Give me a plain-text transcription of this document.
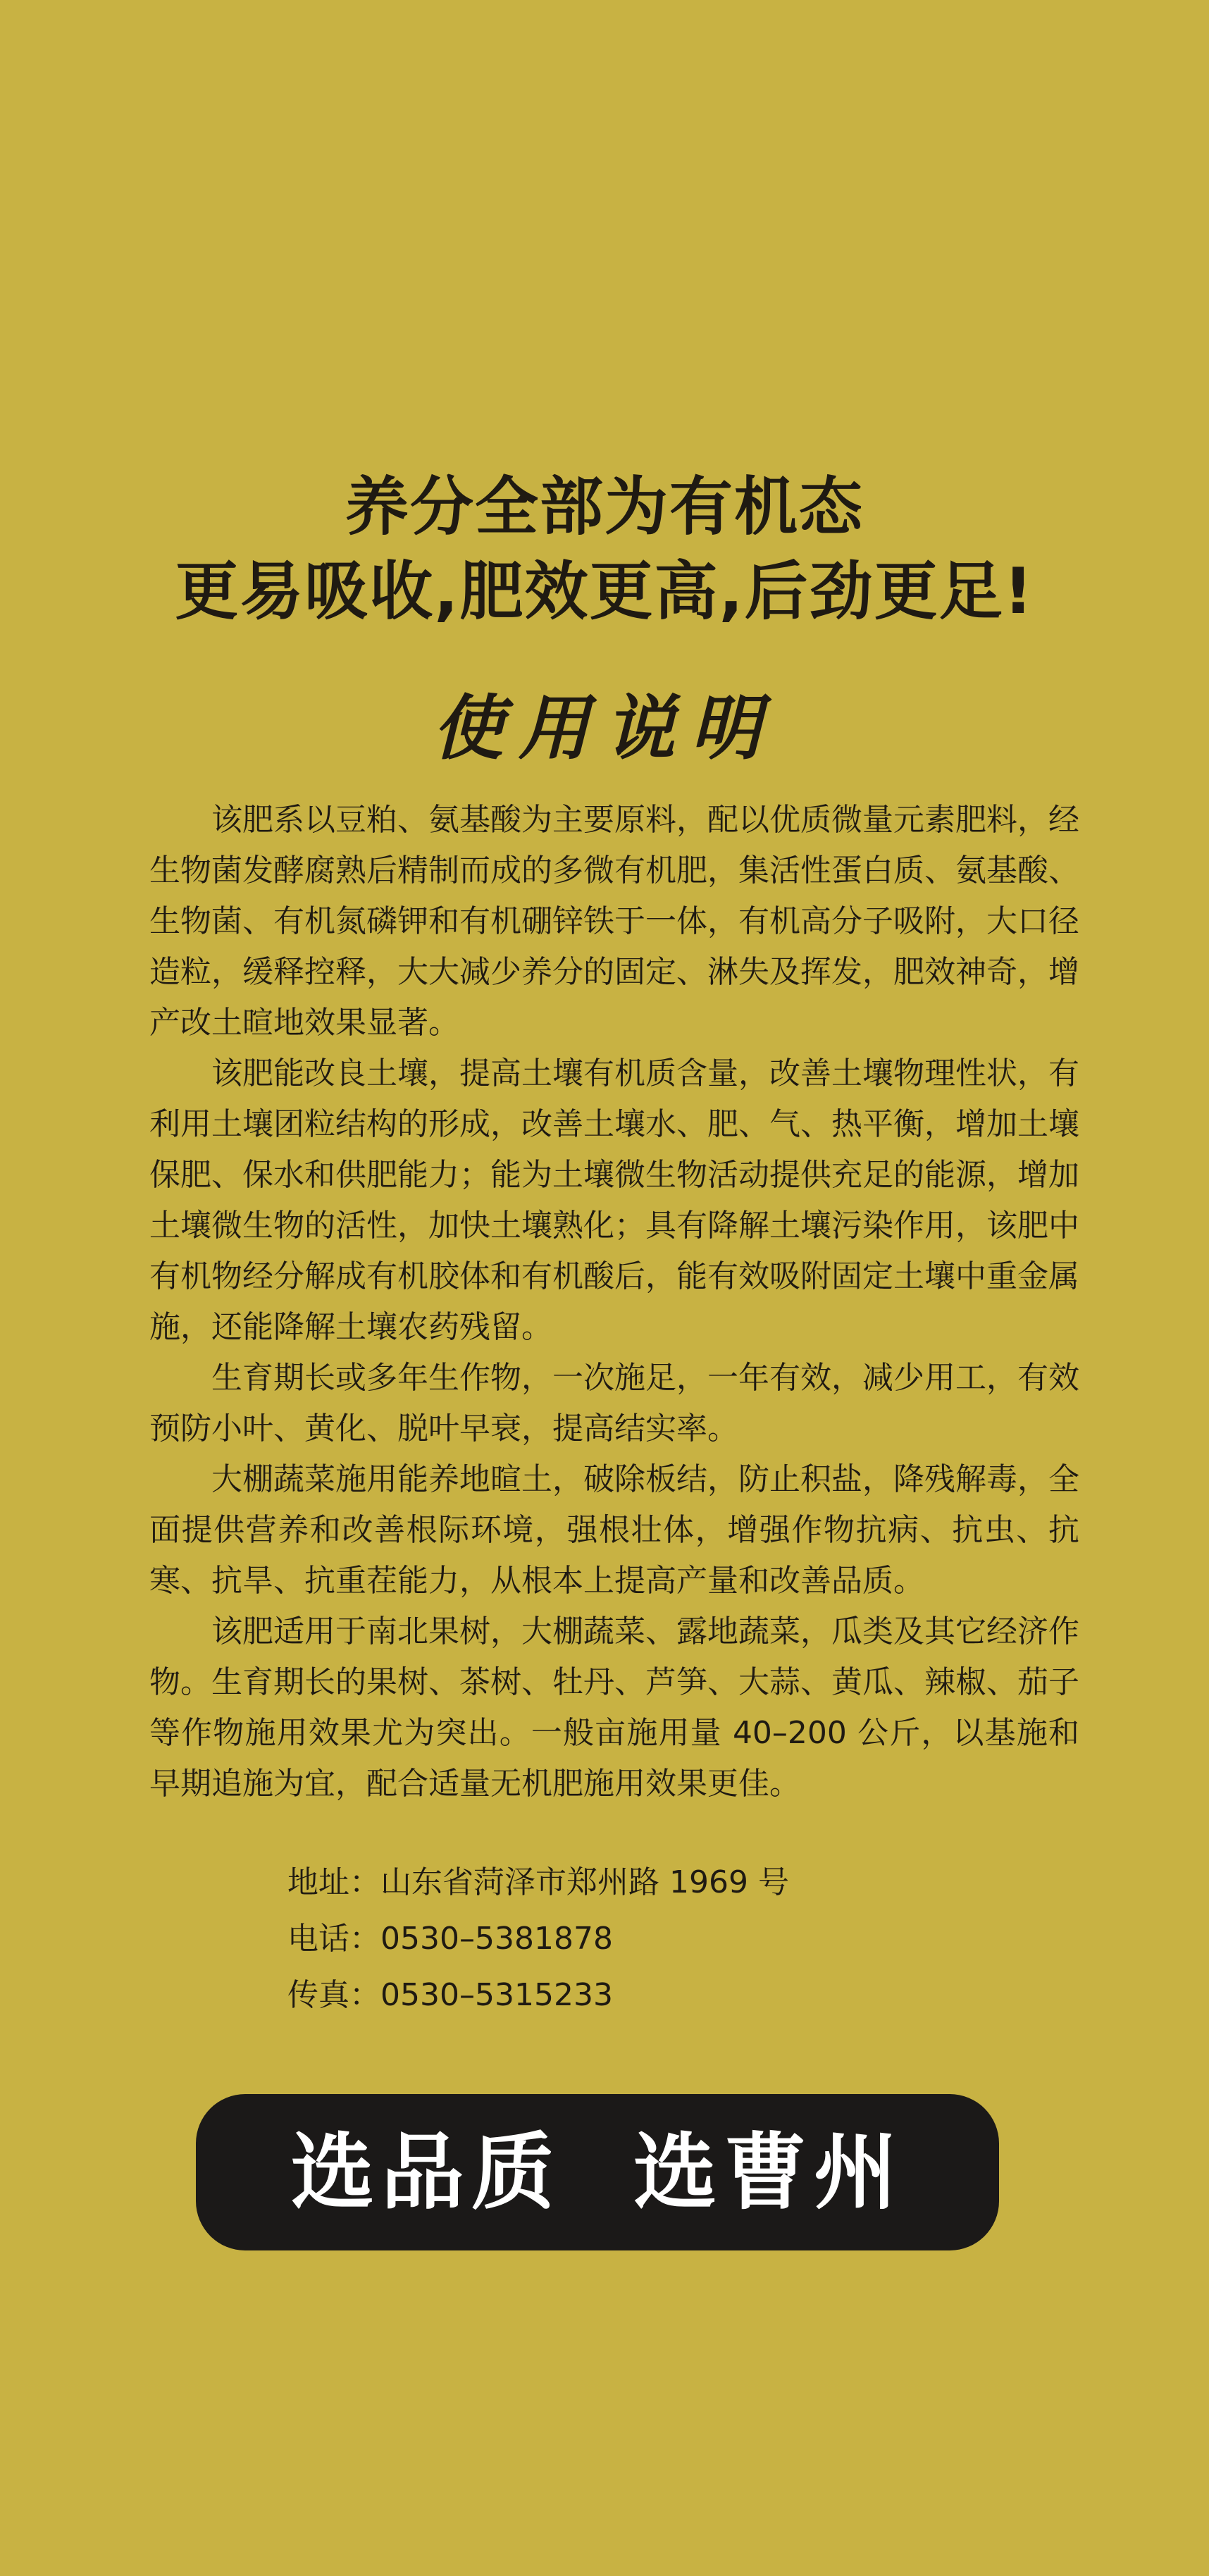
养分全部为有机态
更易吸收,肥效更高,后劲更足!
使用说明

该肥系以豆粕、氨基酸为主要原料，配以优质微量元素肥料，经生物菌发酵腐熟后精制而成的多微有机肥，集活性蛋白质、氨基酸、生物菌、有机氮磷钾和有机硼锌铁于一体，有机高分子吸附，大口径造粒，缓释控释，大大减少养分的固定、淋失及挥发，肥效神奇，增产改土暄地效果显著。

该肥能改良土壤，提高土壤有机质含量，改善土壤物理性状，有利用土壤团粒结构的形成，改善土壤水、肥、气、热平衡，增加土壤保肥、保水和供肥能力；能为土壤微生物活动提供充足的能源，增加土壤微生物的活性，加快土壤熟化；具有降解土壤污染作用，该肥中有机物经分解成有机胶体和有机酸后，能有效吸附固定土壤中重金属施，还能降解土壤农药残留。

生育期长或多年生作物，一次施足，一年有效，减少用工，有效预防小叶、黄化、脱叶早衰，提高结实率。

大棚蔬菜施用能养地暄土，破除板结，防止积盐，降残解毒，全面提供营养和改善根际环境，强根壮体，增强作物抗病、抗虫、抗寒、抗旱、抗重茬能力，从根本上提高产量和改善品质。

该肥适用于南北果树，大棚蔬菜、露地蔬菜，瓜类及其它经济作物。生育期长的果树、茶树、牡丹、芦笋、大蒜、黄瓜、辣椒、茄子等作物施用效果尤为突出。一般亩施用量 40–200 公斤，以基施和早期追施为宜，配合适量无机肥施用效果更佳。

地址：山东省菏泽市郑州路 1969 号
电话：0530–5381878
传真：0530–5315233
选品质  选曹州
